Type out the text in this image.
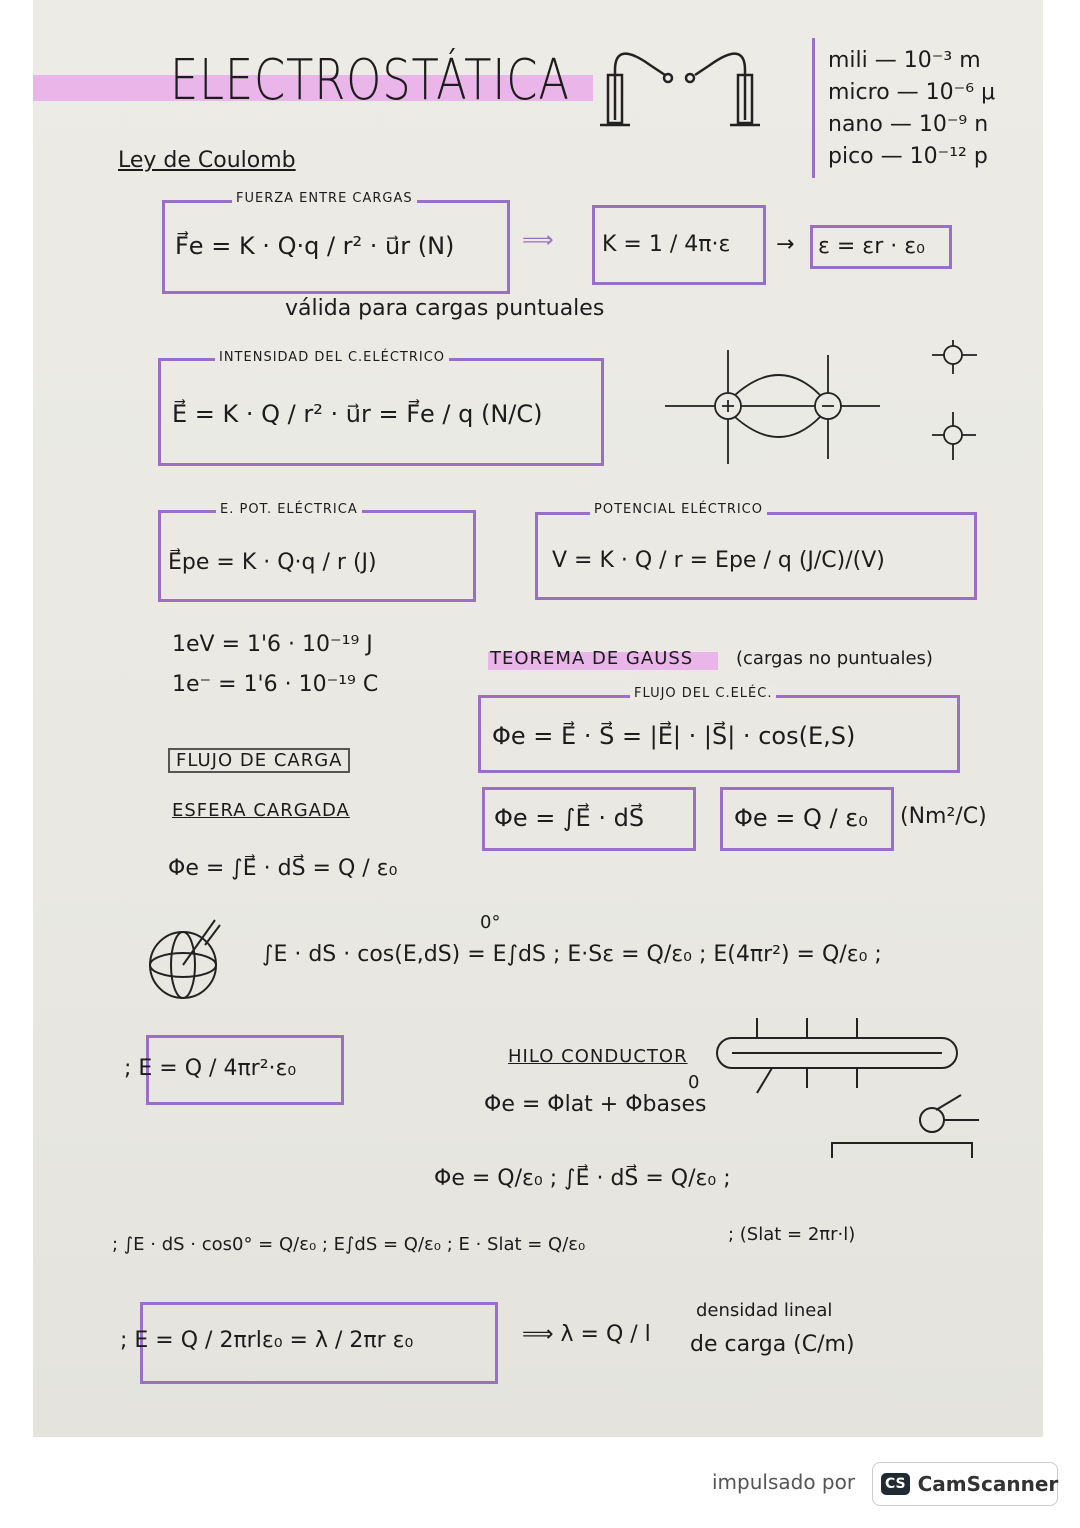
ELECTROSTÁTICA	mili — 10⁻³ m
micro — 10⁻⁶ μ
nano — 10⁻⁹ n
pico — 10⁻¹² p
Ley de Coulomb
FUERZA ENTRE CARGAS
F⃗e = K · Q·q / r² · u⃗r (N)	⟹ K = 1 / 4π·ε → ε = εr · ε₀
válida para cargas puntuales
INTENSIDAD DEL C.ELÉCTRICO
E⃗ = K · Q / r² · u⃗r = F⃗e / q (N/C)
E. POT. ELÉCTRICA
E⃗pe = K · Q·q / r (J)
POTENCIAL ELÉCTRICO
V = K · Q / r = Epe / q (J/C)/(V)
1eV = 1'6 · 10⁻¹⁹ J
1e⁻ = 1'6 · 10⁻¹⁹ C
TEOREMA DE GAUSS (cargas no puntuales)
FLUJO DEL C.ELÉC.
Φe = E⃗ · S⃗ = |E⃗| · |S⃗| · cos(E,S)
Φe = ∫E⃗ · dS⃗	Φe = Q / ε₀ (Nm²/C)
FLUJO DE CARGA
ESFERA CARGADA
Φe = ∫E⃗ · dS⃗ = Q / ε₀
0°
∫E · dS · cos(E,dS) = E∫dS ; E·Sε = Q/ε₀ ; E(4πr²) = Q/ε₀ ;
; E = Q / 4πr²·ε₀	HILO CONDUCTOR
Φe = Φlat + Φbases
0
Φe = Q/ε₀ ; ∫E⃗ · dS⃗ = Q/ε₀ ;
; ∫E · dS · cos0° = Q/ε₀ ; E∫dS = Q/ε₀ ; E · Slat = Q/ε₀	; (Slat = 2πr·l)
; E = Q / 2πrlε₀ = λ / 2πr ε₀	⟹ λ = Q / l
densidad lineal
de carga (C/m)
impulsado por CS CamScanner
